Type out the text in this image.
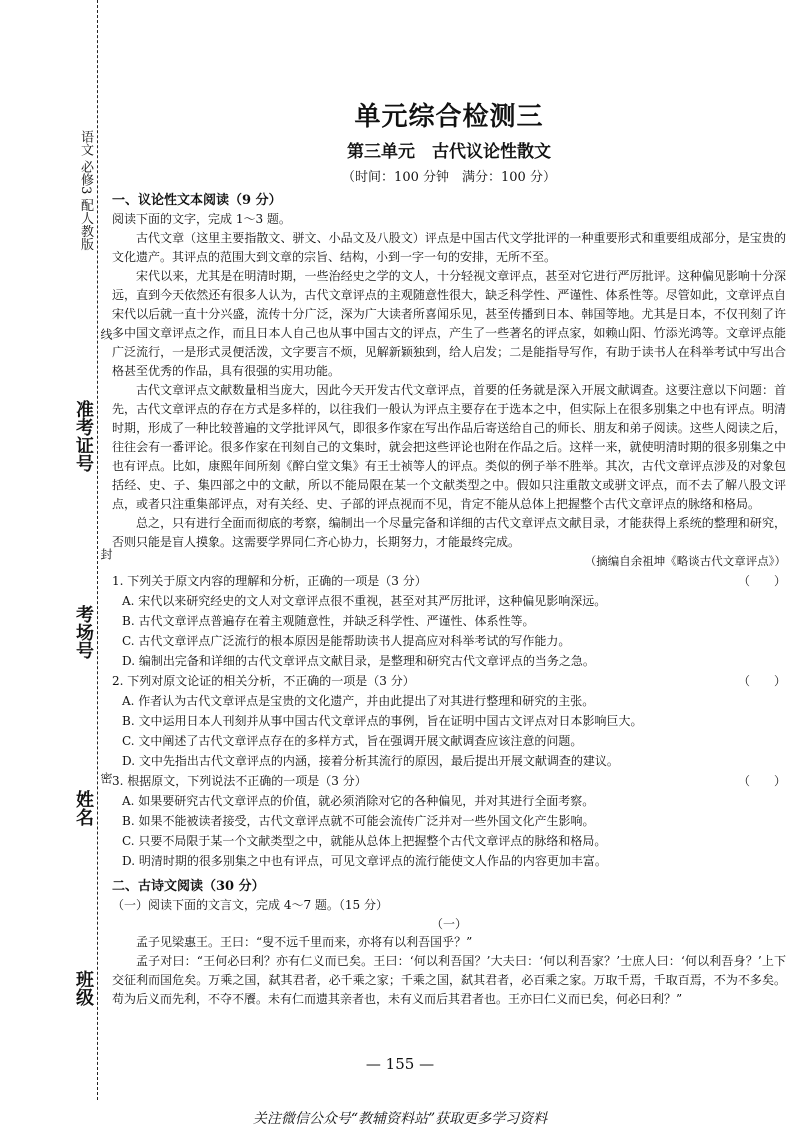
语文 必修3 配人教版
准考证号
考场号
姓名
班级
线
封
密
单元综合检测三
第三单元　古代议论性散文
（时间：100 分钟　满分：100 分）
一、议论性文本阅读（9 分）

阅读下面的文字，完成 1～3 题。

古代文章（这里主要指散文、骈文、小品文及八股文）评点是中国古代文学批评的一种重要形式和重要组成部分，是宝贵的文化遗产。其评点的范围大到文章的宗旨、结构，小到一字一句的安排，无所不至。

宋代以来，尤其是在明清时期，一些治经史之学的文人，十分轻视文章评点，甚至对它进行严厉批评。这种偏见影响十分深远，直到今天依然还有很多人认为，古代文章评点的主观随意性很大，缺乏科学性、严谨性、体系性等。尽管如此，文章评点自宋代以后就一直十分兴盛，流传十分广泛，深为广大读者所喜闻乐见，甚至传播到日本、韩国等地。尤其是日本，不仅刊刻了许多中国文章评点之作，而且日本人自己也从事中国古文的评点，产生了一些著名的评点家，如赖山阳、竹添光鸿等。文章评点能广泛流行，一是形式灵便活泼，文字要言不烦，见解新颖独到，给人启发；二是能指导写作，有助于读书人在科举考试中写出合格甚至优秀的作品，具有很强的实用功能。

古代文章评点文献数量相当庞大，因此今天开发古代文章评点，首要的任务就是深入开展文献调查。这要注意以下问题：首先，古代文章评点的存在方式是多样的，以往我们一般认为评点主要存在于选本之中，但实际上在很多别集之中也有评点。明清时期，形成了一种比较普遍的文学批评风气，即很多作家在写出作品后寄送给自己的师长、朋友和弟子阅读。这些人阅读之后，往往会有一番评论。很多作家在刊刻自己的文集时，就会把这些评论也附在作品之后。这样一来，就使明清时期的很多别集之中也有评点。比如，康熙年间所刻《醉白堂文集》有王士祯等人的评点。类似的例子举不胜举。其次，古代文章评点涉及的对象包括经、史、子、集四部之中的文献，所以不能局限在某一个文献类型之中。假如只注重散文或骈文评点，而不去了解八股文评点，或者只注重集部评点，对有关经、史、子部的评点视而不见，肯定不能从总体上把握整个古代文章评点的脉络和格局。

总之，只有进行全面而彻底的考察，编制出一个尽量完备和详细的古代文章评点文献目录，才能获得上系统的整理和研究，否则只能是盲人摸象。这需要学界同仁齐心协力，长期努力，才能最终完成。

（摘编自余祖坤《略谈古代文章评点》）
1. 下列关于原文内容的理解和分析，正确的一项是（3 分）	（　　）
A. 宋代以来研究经史的文人对文章评点很不重视，甚至对其严厉批评，这种偏见影响深远。
B. 古代文章评点普遍存在着主观随意性，并缺乏科学性、严谨性、体系性等。
C. 古代文章评点广泛流行的根本原因是能帮助读书人提高应对科举考试的写作能力。
D. 编制出完备和详细的古代文章评点文献目录，是整理和研究古代文章评点的当务之急。
2. 下列对原文论证的相关分析，不正确的一项是（3 分）	（　　）
A. 作者认为古代文章评点是宝贵的文化遗产，并由此提出了对其进行整理和研究的主张。
B. 文中运用日本人刊刻并从事中国古代文章评点的事例，旨在证明中国古文评点对日本影响巨大。
C. 文中阐述了古代文章评点存在的多样方式，旨在强调开展文献调查应该注意的问题。
D. 文中先指出古代文章评点的内涵，接着分析其流行的原因，最后提出开展文献调查的建议。
3. 根据原文，下列说法不正确的一项是（3 分）	（　　）
A. 如果要研究古代文章评点的价值，就必须消除对它的各种偏见，并对其进行全面考察。
B. 如果不能被读者接受，古代文章评点就不可能会流传广泛并对一些外国文化产生影响。
C. 只要不局限于某一个文献类型之中，就能从总体上把握整个古代文章评点的脉络和格局。
D. 明清时期的很多别集之中也有评点，可见文章评点的流行能使文人作品的内容更加丰富。
二、古诗文阅读（30 分）

（一）阅读下面的文言文，完成 4～7 题。（15 分）

（一）

孟子见梁惠王。王曰：“叟不远千里而来，亦将有以利吾国乎？”

孟子对曰：“王何必曰利？亦有仁义而已矣。王曰：‘何以利吾国？’大夫曰：‘何以利吾家？’士庶人曰：‘何以利吾身？’上下交征利而国危矣。万乘之国，弑其君者，必千乘之家；千乘之国，弑其君者，必百乘之家。万取千焉，千取百焉，不为不多矣。苟为后义而先利，不夺不餍。未有仁而遗其亲者也，未有义而后其君者也。王亦曰仁义而已矣，何必曰利？”

— 155 —
关注微信公众号“教辅资料站”获取更多学习资料
